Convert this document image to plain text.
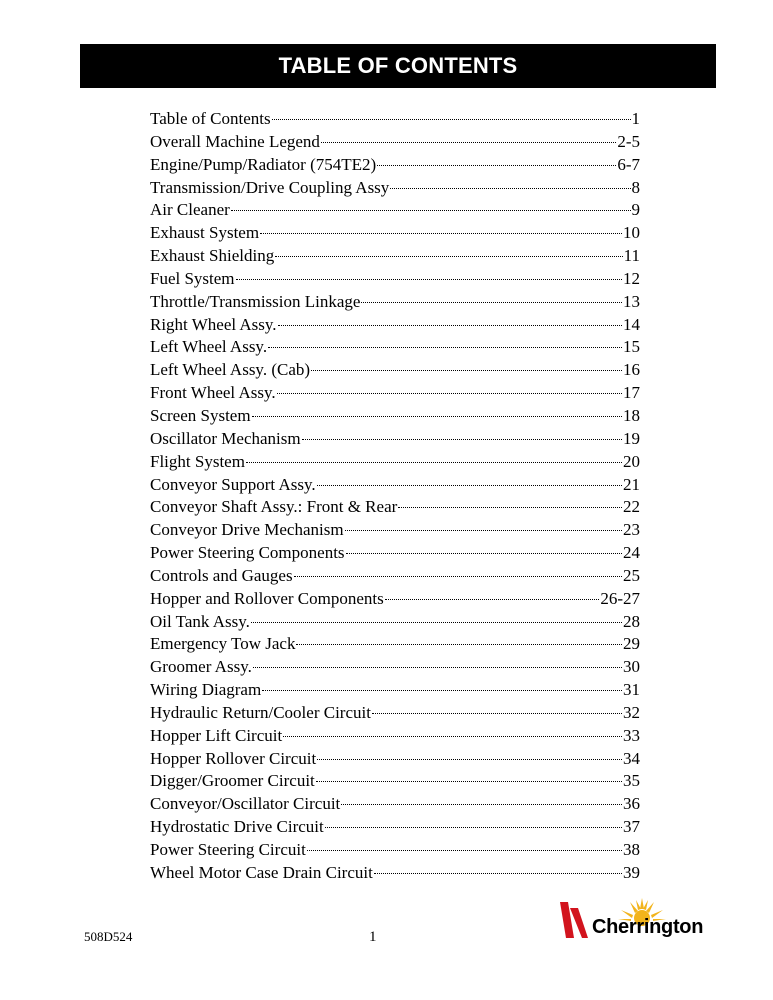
TABLE OF CONTENTS
Table of Contents	1
Overall Machine Legend	2-5
Engine/Pump/Radiator (754TE2)	6-7
Transmission/Drive Coupling Assy	8
Air Cleaner	9
Exhaust System	10
Exhaust Shielding	11
Fuel System	12
Throttle/Transmission Linkage	13
Right Wheel Assy.	14
Left Wheel Assy.	15
Left Wheel Assy. (Cab)	16
Front Wheel Assy.	17
Screen System	18
Oscillator Mechanism	19
Flight System	20
Conveyor Support Assy.	21
Conveyor Shaft Assy.: Front & Rear	22
Conveyor Drive Mechanism	23
Power Steering Components	24
Controls and Gauges	25
Hopper and Rollover Components	26-27
Oil Tank Assy.	28
Emergency Tow Jack	29
Groomer Assy.	30
Wiring Diagram	31
Hydraulic Return/Cooler Circuit	32
Hopper Lift Circuit	33
Hopper Rollover Circuit	34
Digger/Groomer Circuit	35
Conveyor/Oscillator Circuit	36
Hydrostatic Drive Circuit	37
Power Steering Circuit	38
Wheel Motor Case Drain Circuit	39
508D524	1	Cherrington
